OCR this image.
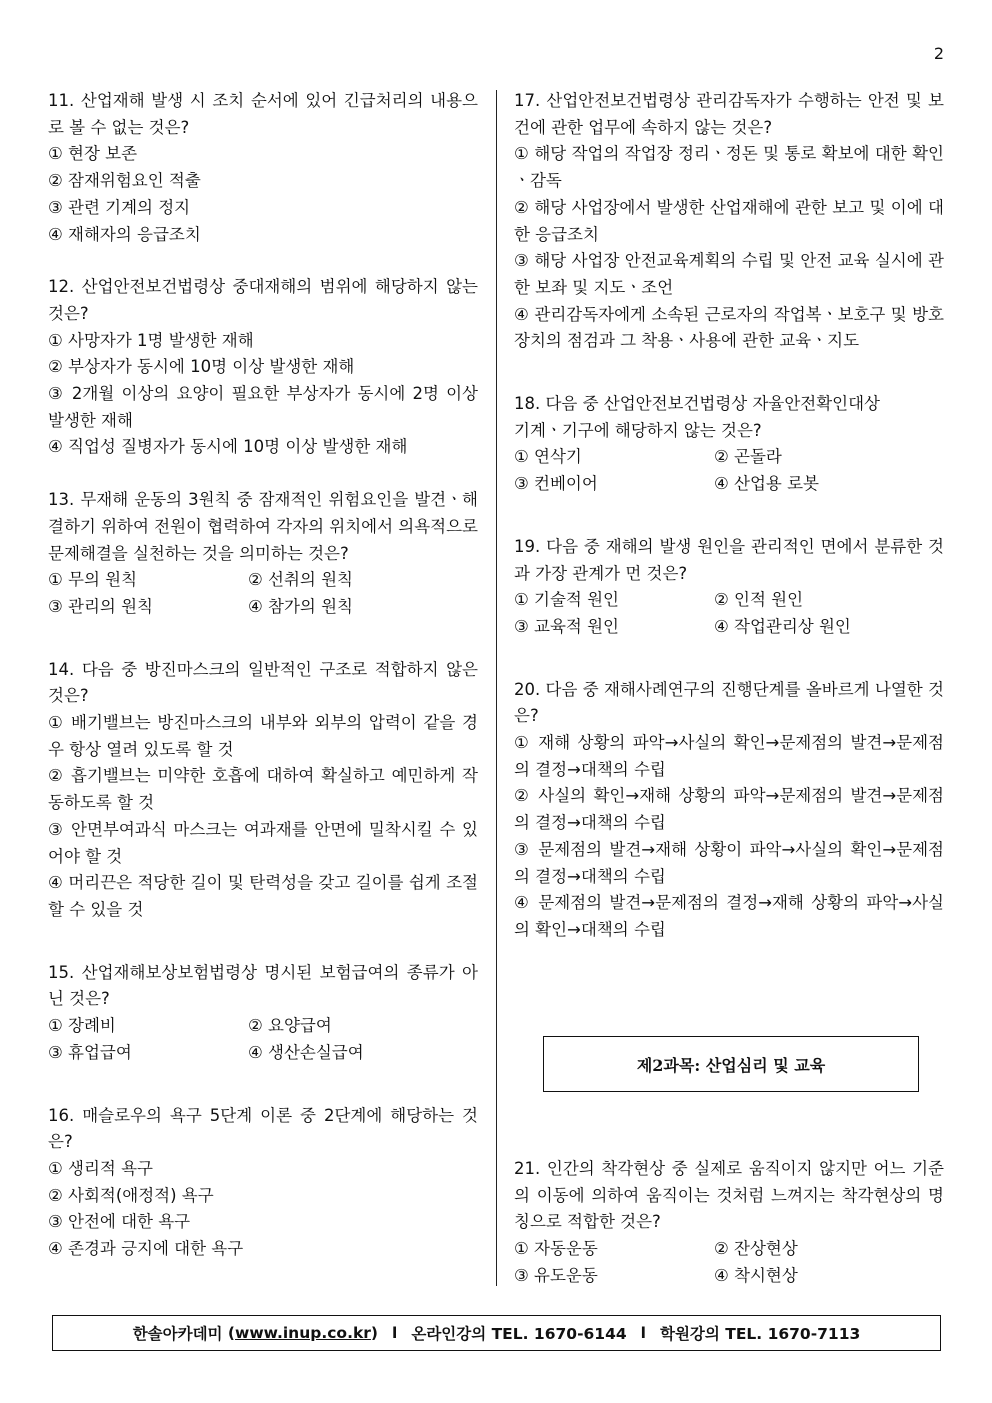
2

11. 산업재해 발생 시 조치 순서에 있어 긴급처리의 내용으로 볼 수 없는 것은?

① 현장 보존

② 잠재위험요인 적출

③ 관련 기계의 정지

④ 재해자의 응급조치

12. 산업안전보건법령상 중대재해의 범위에 해당하지 않는 것은?

① 사망자가 1명 발생한 재해

② 부상자가 동시에 10명 이상 발생한 재해

③ 2개월 이상의 요양이 필요한 부상자가 동시에 2명 이상 발생한 재해

④ 직업성 질병자가 동시에 10명 이상 발생한 재해

13. 무재해 운동의 3원칙 중 잠재적인 위험요인을 발견ㆍ해결하기 위하여 전원이 협력하여 각자의 위치에서 의욕적으로 문제해결을 실천하는 것을 의미하는 것은?

① 무의 원칙	② 선취의 원칙
③ 관리의 원칙	④ 참가의 원칙

14. 다음 중 방진마스크의 일반적인 구조로 적합하지 않은 것은?

① 배기밸브는 방진마스크의 내부와 외부의 압력이 같을 경우 항상 열려 있도록 할 것

② 흡기밸브는 미약한 호흡에 대하여 확실하고 예민하게 작동하도록 할 것

③ 안면부여과식 마스크는 여과재를 안면에 밀착시킬 수 있어야 할 것

④ 머리끈은 적당한 길이 및 탄력성을 갖고 길이를 쉽게 조절할 수 있을 것

15. 산업재해보상보험법령상 명시된 보험급여의 종류가 아닌 것은?

① 장례비	② 요양급여
③ 휴업급여	④ 생산손실급여

16. 매슬로우의 욕구 5단계 이론 중 2단계에 해당하는 것은?

① 생리적 욕구

② 사회적(애정적) 욕구

③ 안전에 대한 욕구

④ 존경과 긍지에 대한 욕구

17. 산업안전보건법령상 관리감독자가 수행하는 안전 및 보건에 관한 업무에 속하지 않는 것은?

① 해당 작업의 작업장 정리ㆍ정돈 및 통로 확보에 대한 확인ㆍ감독

② 해당 사업장에서 발생한 산업재해에 관한 보고 및 이에 대한 응급조치

③ 해당 사업장 안전교육계획의 수립 및 안전 교육 실시에 관한 보좌 및 지도ㆍ조언

④ 관리감독자에게 소속된 근로자의 작업복ㆍ보호구 및 방호장치의 점검과 그 착용ㆍ사용에 관한 교육ㆍ지도

18. 다음 중 산업안전보건법령상 자율안전확인대상

기계ㆍ기구에 해당하지 않는 것은?

① 연삭기	② 곤돌라
③ 컨베이어	④ 산업용 로봇

19. 다음 중 재해의 발생 원인을 관리적인 면에서 분류한 것과 가장 관계가 먼 것은?

① 기술적 원인	② 인적 원인
③ 교육적 원인	④ 작업관리상 원인

20. 다음 중 재해사례연구의 진행단계를 올바르게 나열한 것은?

① 재해 상황의 파악→사실의 확인→문제점의 발견→문제점의 결정→대책의 수립

② 사실의 확인→재해 상황의 파악→문제점의 발견→문제점의 결정→대책의 수립

③ 문제점의 발견→재해 상황이 파악→사실의 확인→문제점의 결정→대책의 수립

④ 문제점의 발견→문제점의 결정→재해 상황의 파악→사실의 확인→대책의 수립

제2과목: 산업심리 및 교육

21. 인간의 착각현상 중 실제로 움직이지 않지만 어느 기준의 이동에 의하여 움직이는 것처럼 느껴지는 착각현상의 명칭으로 적합한 것은?

① 자동운동	② 잔상현상
③ 유도운동	④ 착시현상
한솔아카데미 ( www.inup.co.kr ) l 온라인강의 TEL. 1670-6144 l 학원강의 TEL. 1670-7113
